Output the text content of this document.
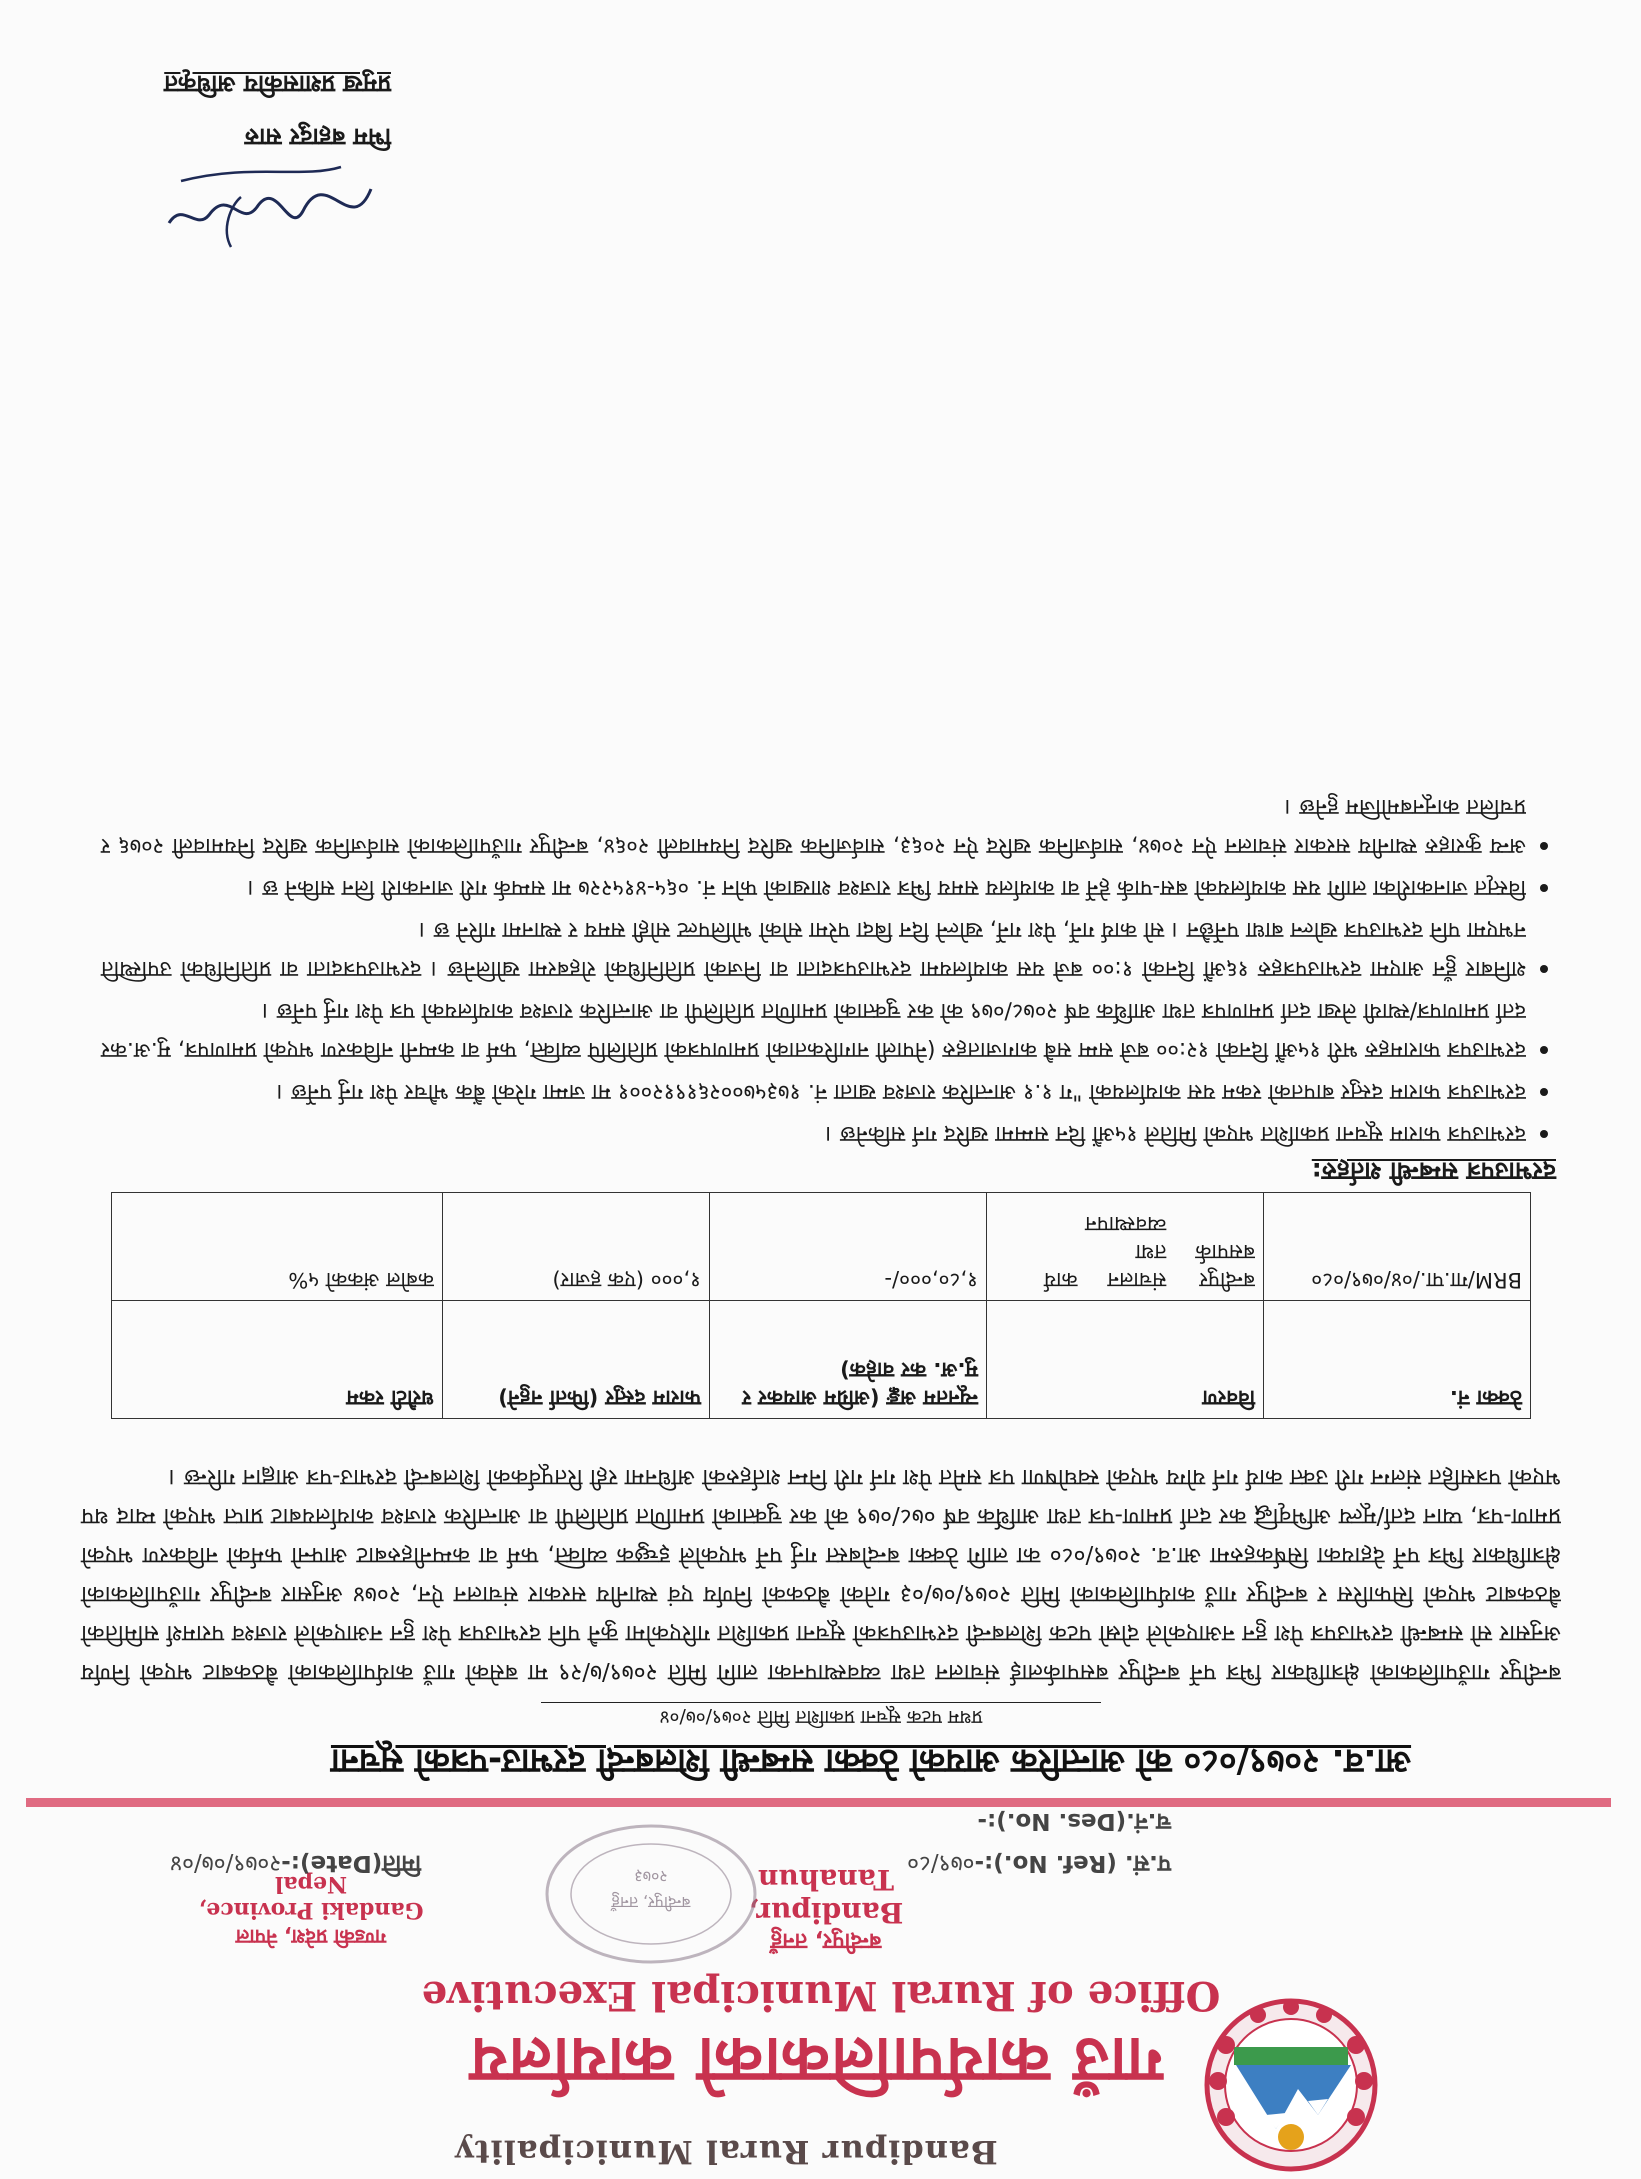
Bandipur Rural Municipality
गाउँ कार्यपालिकाको कार्यालय
Office of Rural Municipal Executive
बन्दीपुर, तनहुँ
Bandipur, Tanahun
गण्डकी प्रदेश, नेपाल
Gandaki Province, Nepal
बन्दीपुर, तनहुँ
२०७३
प.सं. (Ref. No.):-०७९/८०
मिति(Date):-२०७९/०७/०४
च.नं.(Des. No.):-
आ.व. २०७९/०८० को आन्तरिक आयको ठेक्का सम्बन्धी शिलबन्दी दरभाउ-पत्रको सूचना
प्रथम पटक सूचना प्रकाशित मिति २०७९/०७/०४
बन्दीपुर गाउँपालिकाको क्षेत्राधिकार भित्र पर्ने बन्दीपुर बसपार्कलाई संचालन तथा व्यवस्थापनका लागि मिति २०७९/७/२९ मा बसेको गाउँ कार्यपालिकाको बैठकबाट भएको निर्णय अनुसार सो सम्बन्धी दरभाउपत्र पेश हुन नआएकोले दोस्रो पटक शिलबन्दी दरभाउपत्रको सूचना प्रकाशित गरिएकोमा कुनै पनि दरभाउपत्र पेश हुन नआएकोले राजश्व परामर्श समितिको बैठकबाट भएको सिफारिस र बन्दीपुर गाउँ कार्यपालिकाको मिति २०७९/०७/०३ गतेको बैठकको निर्णय एवं स्थानीय सरकार संचालन ऐन, २०७४ अनुसार बन्दीपुर गाउँपालिकाको क्षेत्राधिकार भित्र पर्ने देहायका सिर्षकहरुमा आ.व. २०७९/०८० का लागि ठेक्का बन्दोबस्त गर्नु पर्ने भएकोले इच्छुक व्यक्ति, फर्म वा कम्पनीहरुबाट आफ्नो फर्मको नविकरण भएको प्रमाण-पत्र, प्यान दर्ता/मूल्य अभिवृद्धि कर दर्ता प्रमाण-पत्र तथा आर्थिक वर्ष ०७८/०७९ को कर चुक्ताको प्रमाणित प्रतिलिपी वा आन्तरिक राजश्व कार्यालयबाट प्राप्त भएको म्याद थप भएको पत्रसहित संलग्न गरी उक्त कार्य गर्न योग्य भएको स्वघोषणा पत्र समेत पेश गर्न गरी निम्न शर्तहरुको अधिनमा रही रितपूर्वकको शिलबन्दी दरभाउ-पत्र आह्वान गरिन्छ ।
ठेक्का नं.	विवरण	न्यूनतम अङ्क (अग्रिम आयकर र मु.अ. कर वाहेक)	फाराम दस्तुर (फिर्ता नहुने)	धरौटी रकम
BRM/गा.पा./०४/०७९/०८०	बन्दीपुर बसपार्क
संचालन तथा व्यवस्थापन
कार्य	१,८०,०००/-	१,००० (एक हजार)	कबोल अंकको ५%
दरभाउपत्र सम्बन्धी शर्तहरु:
• दरभाउपत्र फाराम सूचना प्रकाशित भएको मितिले १५औं दिन सम्ममा खरिद गर्न सकिनेछ ।
• दरभाउपत्र फाराम दस्तुर बापतको रकम यस कार्यालयको "ग १.१ आन्तरिक राजश्व खाता नं. १७३५७००२६१९१२००१ मा जम्मा गरेको बैंक भौचर पेश गर्नु पर्नेछ ।
• दरभाउपत्र फारामहरु भरी १५औं दिनको १२:०० बजे सम्म सबै कागजातहरु (नेपाली नागरिकताको प्रमाणपत्रको प्रतिलिपि व्यक्ति, फर्म वा कम्पनी नविकरण भएको प्रमाणपत्र, मु.अ.कर दर्ता प्रमाणपत्र/स्थायी लेखा दर्ता प्रमाणपत्र तथा आर्थिक वर्ष २०७८/०७९ को कर चुक्ताको प्रमाणित प्रतिलिपी वा आन्तरिक राजश्व कार्यालयको पत्र पेश गर्नु पर्नेछ ।
• शनिबार हुँन आएमा दरभाउपत्रहरु १६औं दिनको १:०० बजे यस कार्यालयमा दरभाउपत्रदाता वा निजको प्रतिनिधिको रोहबरमा खोलिनेछ । दरभाउपत्रदाता वा प्रतिनिधिको उपस्थिति नभएमा पनि दरभाउपत्र खोल्न बाधा पर्नेछैन । सो कार्य गर्ने, पेश गर्ने, खोल्ने दिन बिदा परेमा सोको भोलिपल्ट सोही समय र स्थानमा गरिने छ ।
• विस्तृत जानकारीका लागि यस कार्यालयको बस-पार्क हेर्ने वा कार्यालय समय भित्र राजश्व शाखाको फोन नं. ०६५-४१५२२७ मा सम्पर्क गरी जानकारी लिन सकिने छ ।
• अन्य कुराहरु स्थानीय सरकार संचालन ऐन २०७४, सार्वजनिक खरिद ऐन २०६३, सार्वजनिक खरिद नियमावली २०६४, बन्दीपुर गाउँपालिकाको सार्वजनिक खरिद नियमावली २०७६ र प्रचलित कानूनबमोजिम हुनेछ ।
भिम बहादुर सारु
प्रमुख प्रशासकीय अधिकृत
